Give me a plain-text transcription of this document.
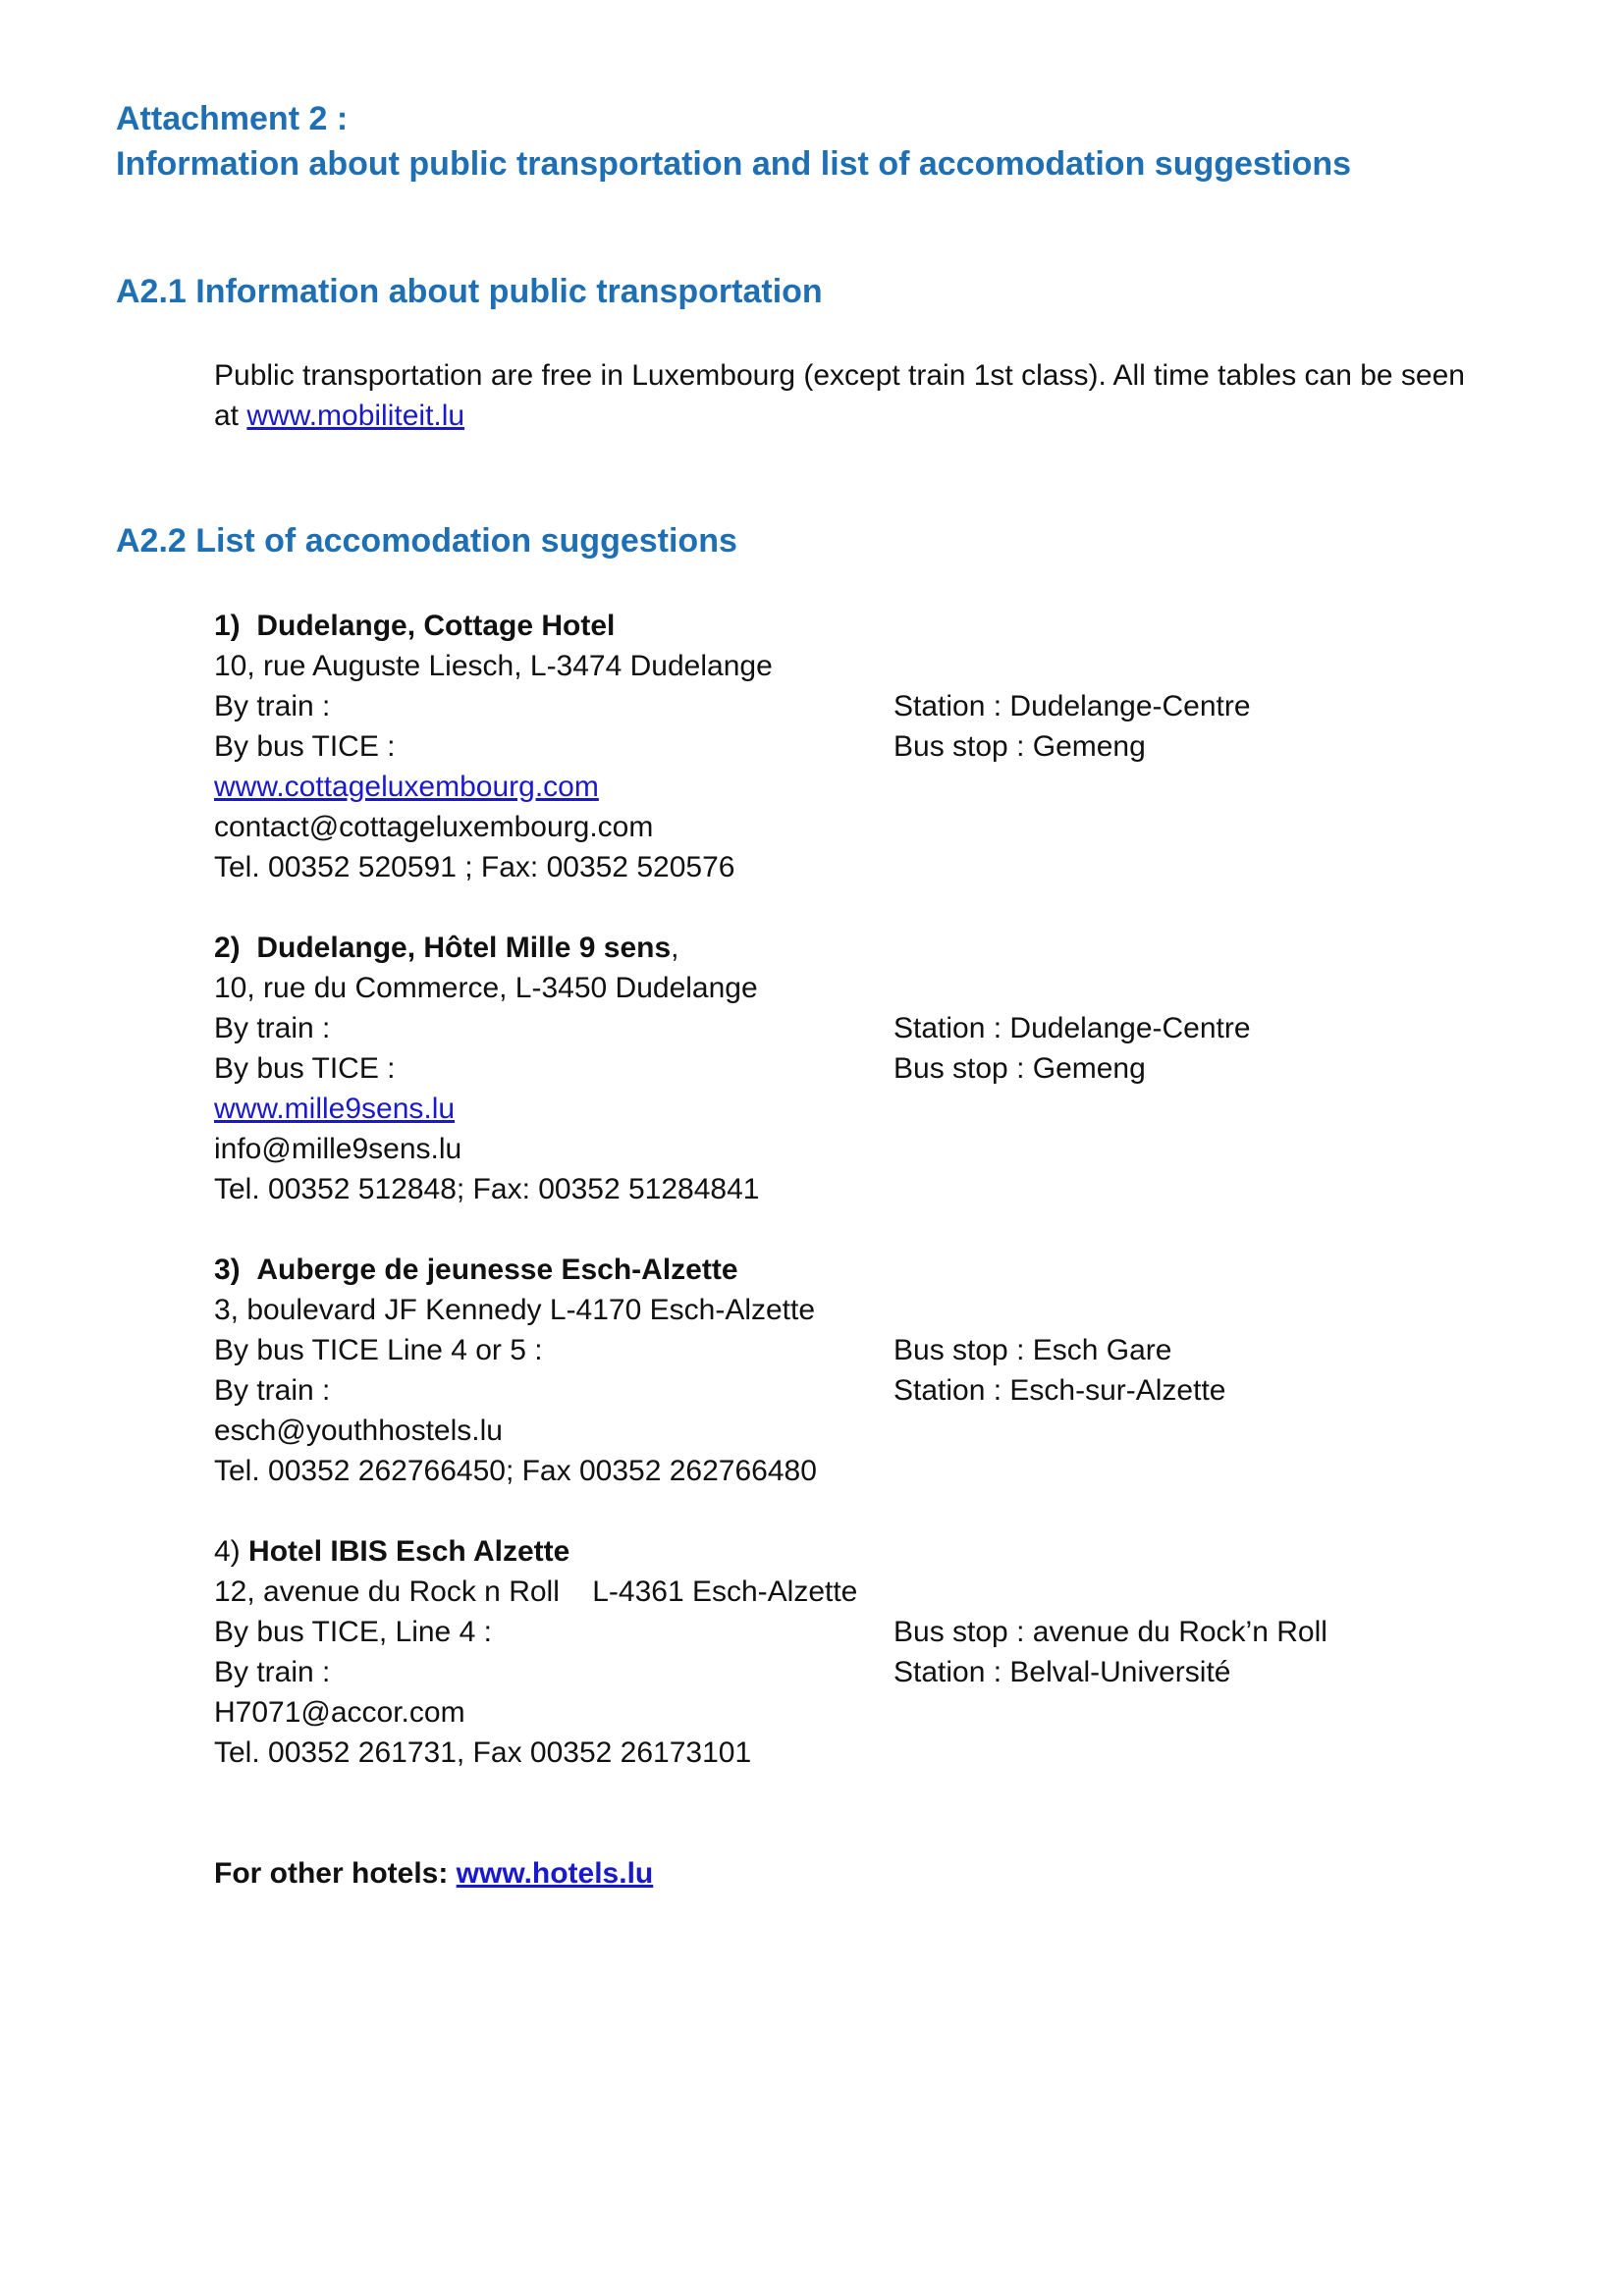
Attachment 2 :
Information about public transportation and list of accomodation suggestions
A2.1 Information about public transportation
Public transportation are free in Luxembourg (except train 1st class). All time tables can be seen
at www.mobiliteit.lu
A2.2 List of accomodation suggestions
1) Dudelange, Cottage Hotel
10, rue Auguste Liesch, L-3474 Dudelange
By train :	Station : Dudelange-Centre
By bus TICE :	Bus stop : Gemeng
www.cottageluxembourg.com
contact@cottageluxembourg.com
Tel. 00352 520591 ; Fax: 00352 520576
2) Dudelange, Hôtel Mille 9 sens,
10, rue du Commerce, L-3450 Dudelange
By train :	Station : Dudelange-Centre
By bus TICE :	Bus stop : Gemeng
www.mille9sens.lu
info@mille9sens.lu
Tel. 00352 512848; Fax: 00352 51284841
3) Auberge de jeunesse Esch-Alzette
3, boulevard JF Kennedy L-4170 Esch-Alzette
By bus TICE Line 4 or 5 :	Bus stop : Esch Gare
By train :	Station : Esch-sur-Alzette
esch@youthhostels.lu
Tel. 00352 262766450; Fax 00352 262766480
4) Hotel IBIS Esch Alzette
12, avenue du Rock n Roll    L-4361 Esch-Alzette
By bus TICE, Line 4 :	Bus stop : avenue du Rock’n Roll
By train :	Station : Belval-Université
H7071@accor.com
Tel. 00352 261731, Fax 00352 26173101
For other hotels: www.hotels.lu
